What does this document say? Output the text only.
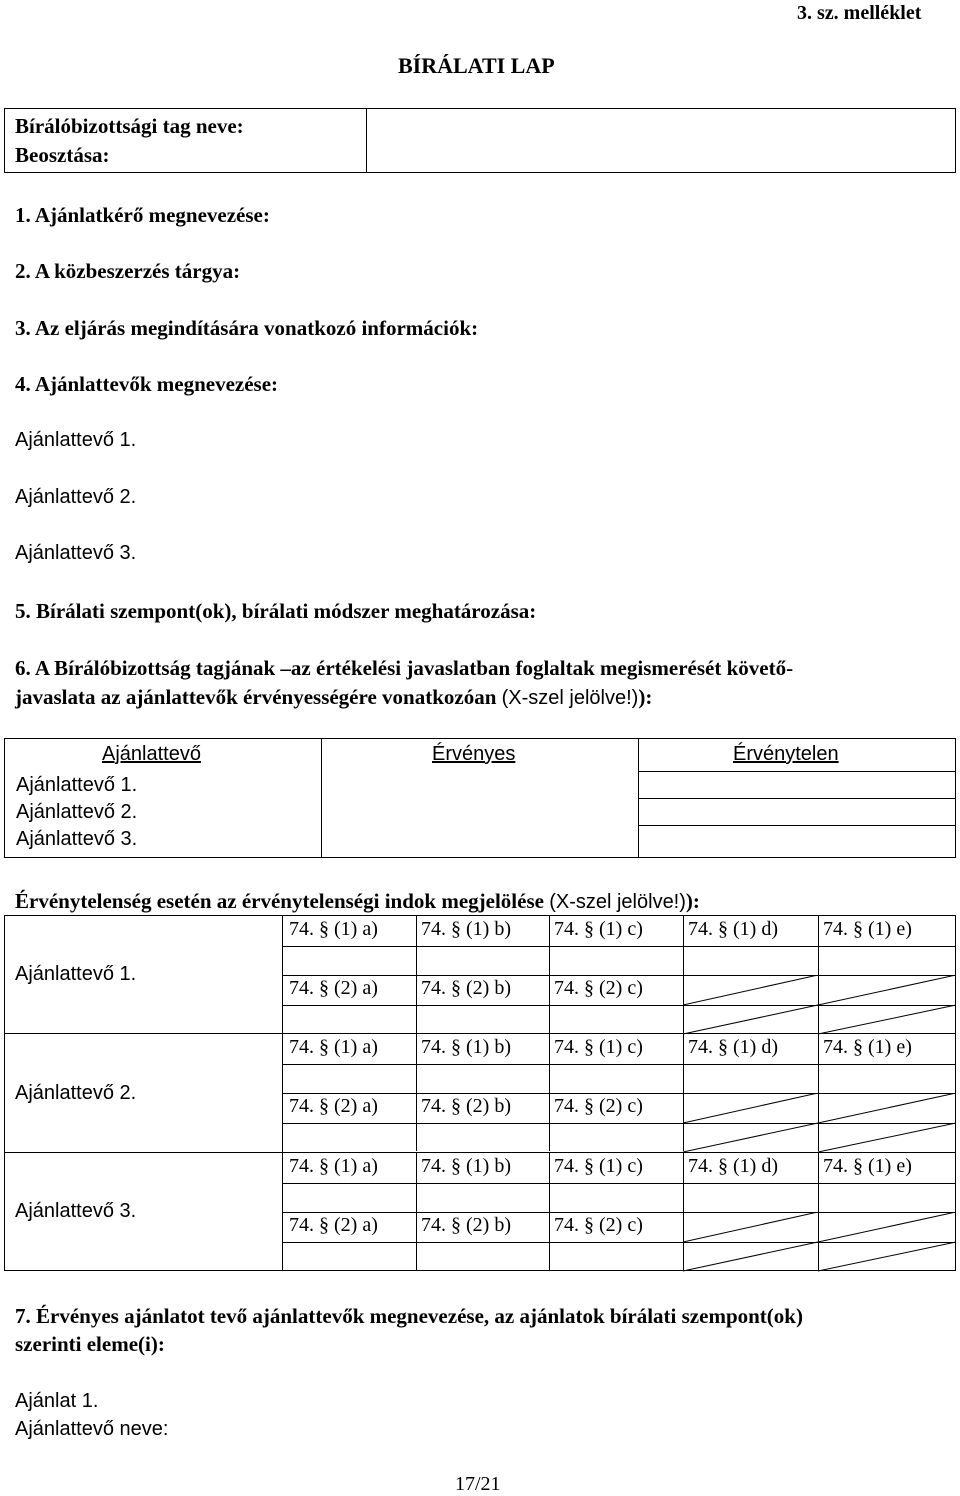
3. sz. melléklet
BÍRÁLATI LAP
Bírálóbizottsági tag neve:
Beosztása:
1. Ajánlatkérő megnevezése:
2. A közbeszerzés tárgya:
3. Az eljárás megindítására vonatkozó információk:
4. Ajánlattevők megnevezése:
Ajánlattevő 1.
Ajánlattevő 2.
Ajánlattevő 3.
5. Bírálati szempont(ok), bírálati módszer meghatározása:
6. A Bírálóbizottság tagjának –az értékelési javaslatban foglaltak megismerését követő-
javaslata az ajánlattevők érvényességére vonatkozóan (X-szel jelölve!)):
Ajánlattevő
Ajánlattevő 1.
Ajánlattevő 2.
Ajánlattevő 3.
Érvényes	Érvénytelen
Érvénytelenség esetén az érvénytelenségi indok megjelölése (X-szel jelölve!)):
Ajánlattevő 1.
Ajánlattevő 2.
Ajánlattevő 3.
74. § (1) a) 74. § (1) b) 74. § (1) c) 74. § (1) d) 74. § (1) e)
74. § (2) a) 74. § (2) b) 74. § (2) c)
74. § (1) a) 74. § (1) b) 74. § (1) c) 74. § (1) d) 74. § (1) e)
74. § (2) a) 74. § (2) b) 74. § (2) c)
74. § (1) a) 74. § (1) b) 74. § (1) c) 74. § (1) d) 74. § (1) e)
74. § (2) a) 74. § (2) b) 74. § (2) c)
7. Érvényes ajánlatot tevő ajánlattevők megnevezése, az ajánlatok bírálati szempont(ok)
szerinti eleme(i):
Ajánlat 1.
Ajánlattevő neve:
17/21
